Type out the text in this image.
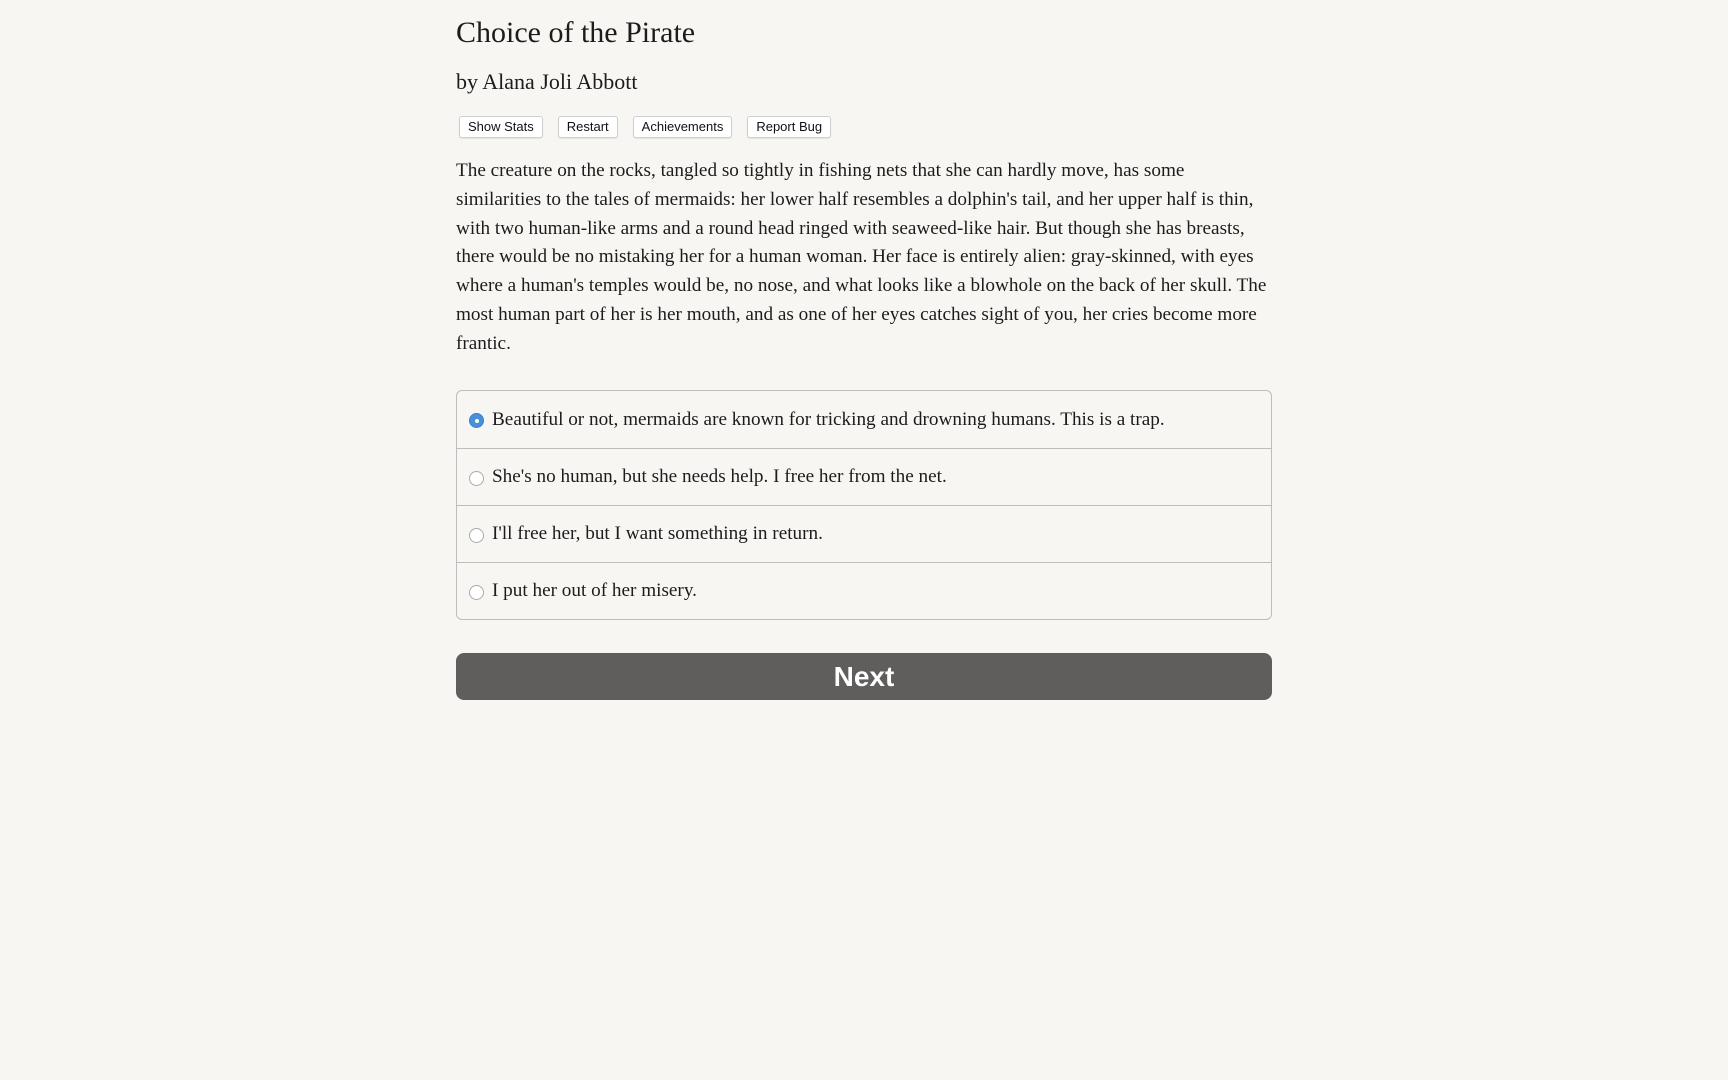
Choice of the Pirate
by Alana Joli Abbott
Show Stats	Restart	Achievements	Report Bug

The creature on the rocks, tangled so tightly in fishing nets that she can hardly move, has some similarities to the tales of mermaids: her lower half resembles a dolphin's tail, and her upper half is thin, with two human-like arms and a round head ringed with seaweed-like hair. But though she has breasts, there would be no mistaking her for a human woman. Her face is entirely alien: gray-skinned, with eyes where a human's temples would be, no nose, and what looks like a blowhole on the back of her skull. The most human part of her is her mouth, and as one of her eyes catches sight of you, her cries become more frantic.

Beautiful or not, mermaids are known for tricking and drowning humans. This is a trap.
She's no human, but she needs help. I free her from the net.
I'll free her, but I want something in return.
I put her out of her misery.
Next
